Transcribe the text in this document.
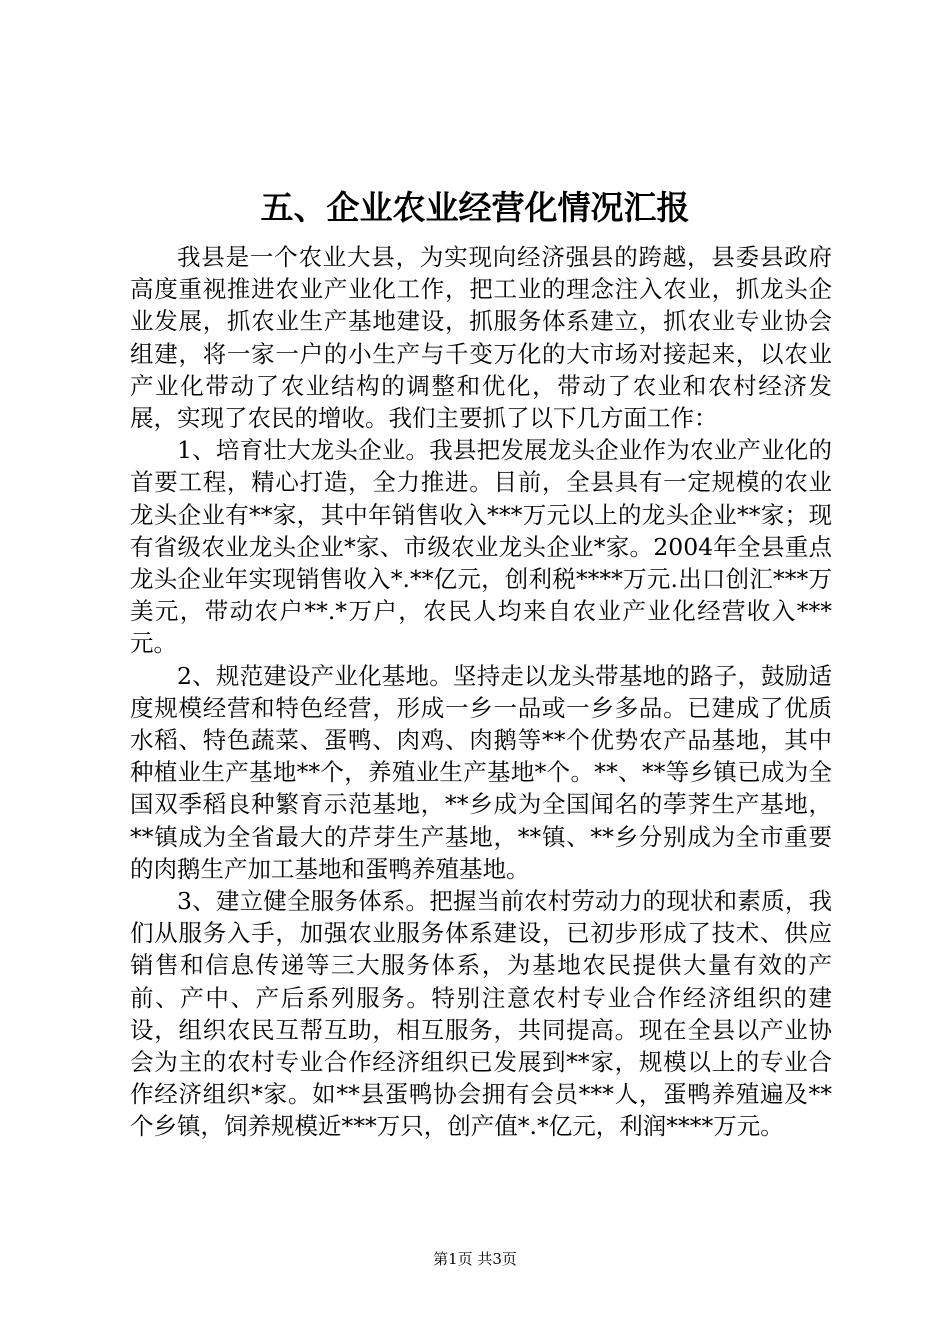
五、企业农业经营化情况汇报

我县是一个农业大县，为实现向经济强县的跨越，县委县政府高度重视推进农业产业化工作，把工业的理念注入农业，抓龙头企业发展，抓农业生产基地建设，抓服务体系建立，抓农业专业协会组建，将一家一户的小生产与千变万化的大市场对接起来，以农业产业化带动了农业结构的调整和优化，带动了农业和农村经济发展，实现了农民的增收。我们主要抓了以下几方面工作：

1、培育壮大龙头企业。我县把发展龙头企业作为农业产业化的首要工程，精心打造，全力推进。目前，全县具有一定规模的农业龙头企业有**家，其中年销售收入***万元以上的龙头企业**家；现有省级农业龙头企业*家、市级农业龙头企业*家。2004年全县重点龙头企业年实现销售收入*.**亿元，创利税****万元.出口创汇***万美元，带动农户**.*万户，农民人均来自农业产业化经营收入***元。

2、规范建设产业化基地。坚持走以龙头带基地的路子，鼓励适度规模经营和特色经营，形成一乡一品或一乡多品。已建成了优质水稻、特色蔬菜、蛋鸭、肉鸡、肉鹅等**个优势农产品基地，其中种植业生产基地**个，养殖业生产基地*个。**、**等乡镇已成为全国双季稻良种繁育示范基地，**乡成为全国闻名的荸荠生产基地，**镇成为全省最大的芹芽生产基地，**镇、**乡分别成为全市重要的肉鹅生产加工基地和蛋鸭养殖基地。

3、建立健全服务体系。把握当前农村劳动力的现状和素质，我们从服务入手，加强农业服务体系建设，已初步形成了技术、供应销售和信息传递等三大服务体系，为基地农民提供大量有效的产前、产中、产后系列服务。特别注意农村专业合作经济组织的建设，组织农民互帮互助，相互服务，共同提高。现在全县以产业协会为主的农村专业合作经济组织已发展到**家，规模以上的专业合作经济组织*家。如**县蛋鸭协会拥有会员***人，蛋鸭养殖遍及**个乡镇，饲养规模近***万只，创产值*.*亿元，利润****万元。

第1页 共3页
